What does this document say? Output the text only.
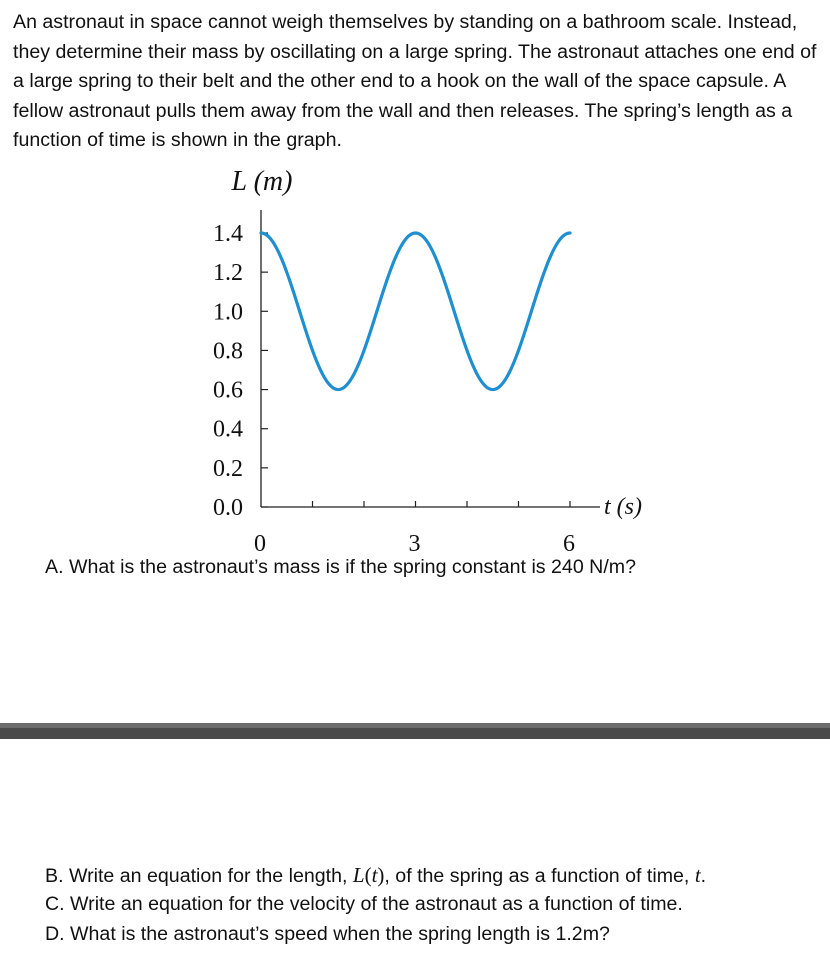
An astronaut in space cannot weigh themselves by standing on a bathroom scale. Instead, they determine their mass by oscillating on a large spring. The astronaut attaches one end of a large spring to their belt and the other end to a hook on the wall of the space capsule. A fellow astronaut pulls them away from the wall and then releases. The spring’s length as a function of time is shown in the graph.

L (m)
t (s)
1.4
1.2
1.0
0.8
0.6
0.4
0.2
0.0
0	3	6

A. What is the astronaut’s mass is if the spring constant is 240 N/m?

B. Write an equation for the length, L(t), of the spring as a function of time, t.

C. Write an equation for the velocity of the astronaut as a function of time.

D. What is the astronaut’s speed when the spring length is 1.2m?
